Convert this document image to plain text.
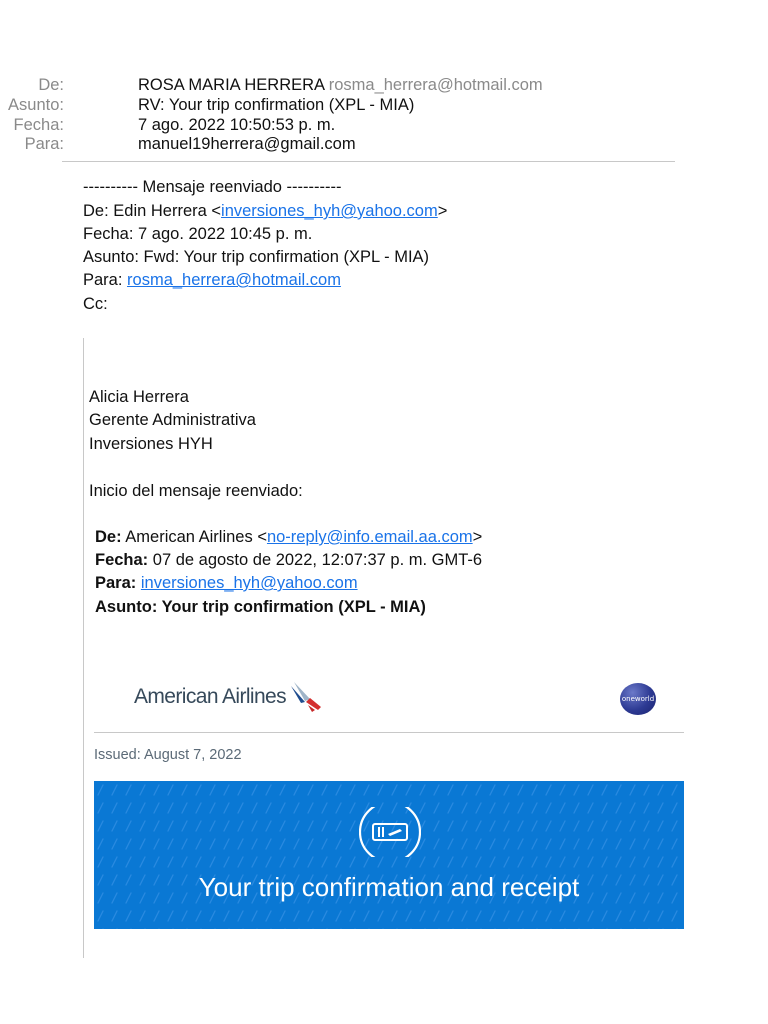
De:	ROSA MARIA HERRERA rosma_herrera@hotmail.com
Asunto:	RV: Your trip confirmation (XPL - MIA)
Fecha:	7 ago. 2022 10:50:53 p. m.
Para:	manuel19herrera@gmail.com
---------- Mensaje reenviado ----------
De: Edin Herrera <inversiones_hyh@yahoo.com>
Fecha: 7 ago. 2022 10:45 p. m.
Asunto: Fwd: Your trip confirmation (XPL - MIA)
Para: rosma_herrera@hotmail.com
Cc:
Alicia Herrera
Gerente Administrativa
Inversiones HYH
Inicio del mensaje reenviado:
De: American Airlines <no-reply@info.email.aa.com>
Fecha: 07 de agosto de 2022, 12:07:37 p. m. GMT-6
Para: inversiones_hyh@yahoo.com
Asunto: Your trip confirmation (XPL - MIA)
American Airlines	oneworld
Issued: August 7, 2022
Your trip confirmation and receipt
